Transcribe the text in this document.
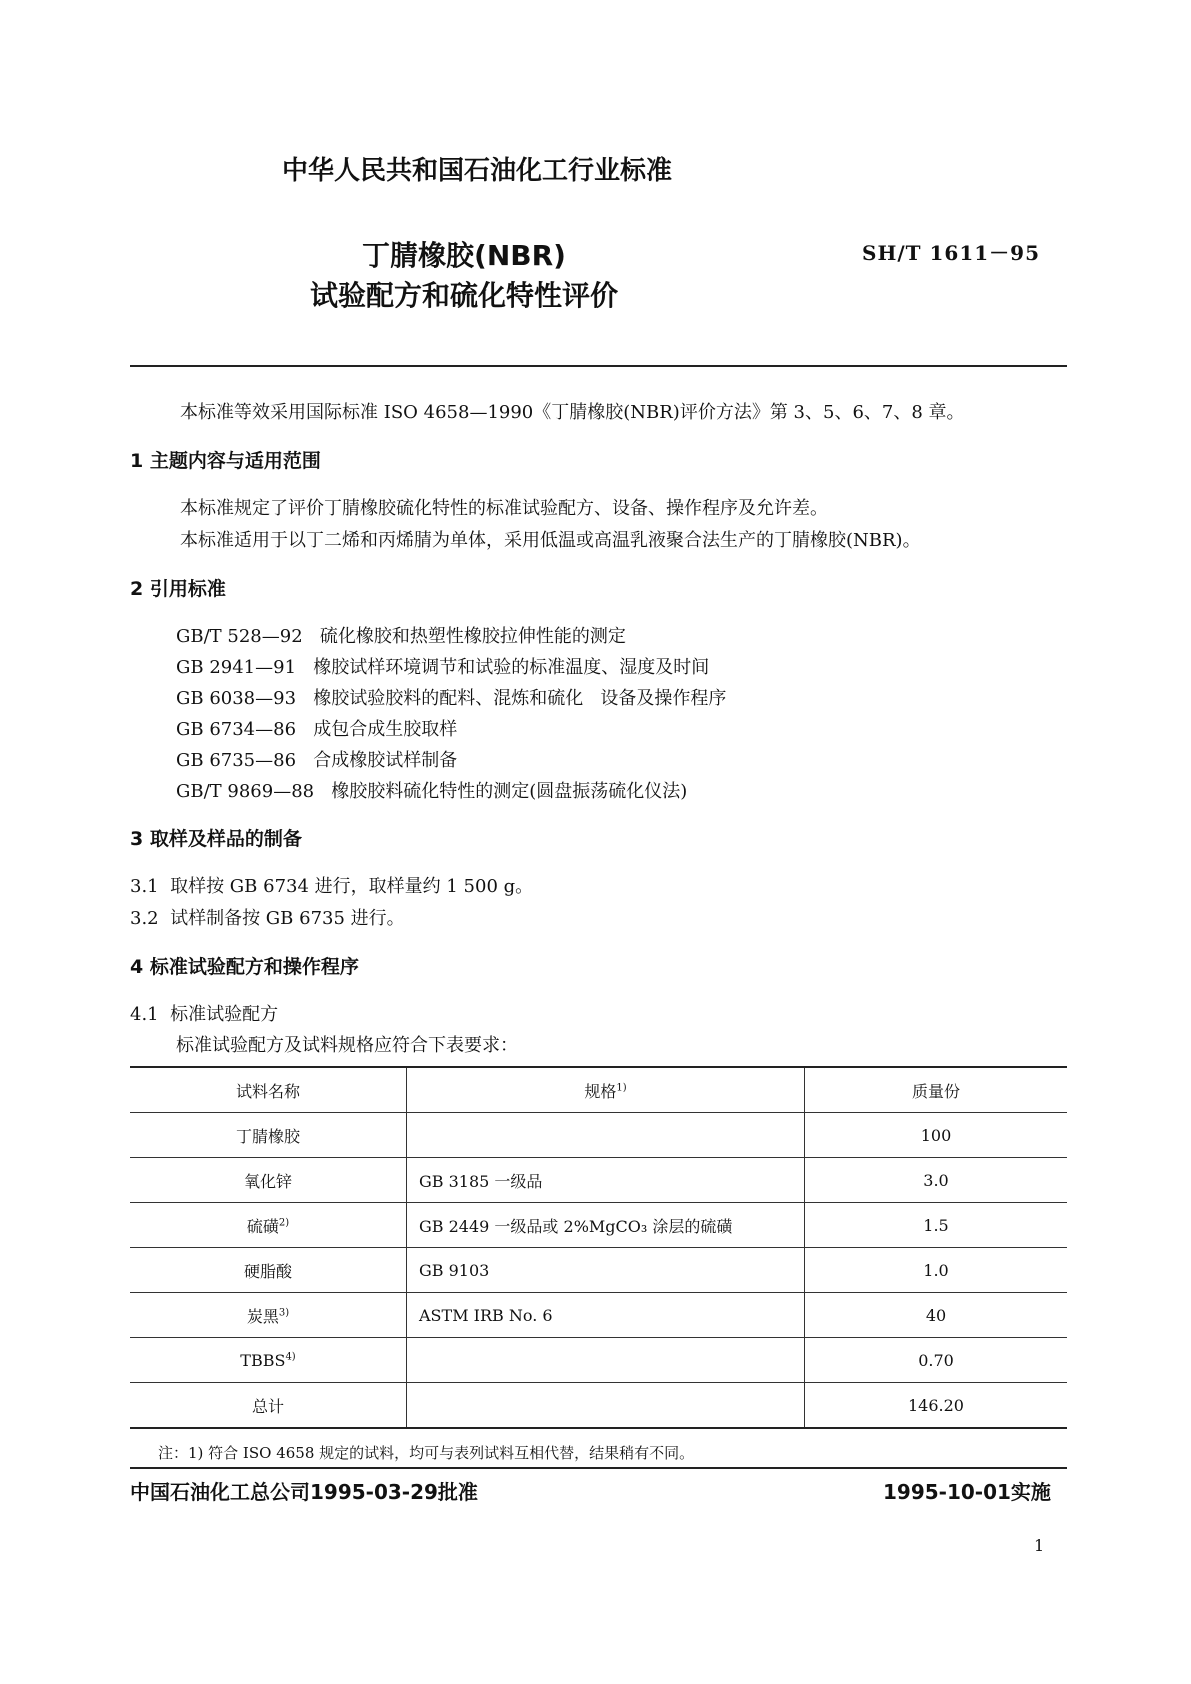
中华人民共和国石油化工行业标准
丁腈橡胶(NBR)
试验配方和硫化特性评价
SH/T 1611－95
本标准等效采用国际标准 ISO 4658—1990《丁腈橡胶(NBR)评价方法》第 3、5、6、7、8 章。
1 主题内容与适用范围
本标准规定了评价丁腈橡胶硫化特性的标准试验配方、设备、操作程序及允许差。
本标准适用于以丁二烯和丙烯腈为单体，采用低温或高温乳液聚合法生产的丁腈橡胶(NBR)。
2 引用标准
GB/T 528—92   硫化橡胶和热塑性橡胶拉伸性能的测定
GB 2941—91   橡胶试样环境调节和试验的标准温度、湿度及时间
GB 6038—93   橡胶试验胶料的配料、混炼和硫化   设备及操作程序
GB 6734—86   成包合成生胶取样
GB 6735—86   合成橡胶试样制备
GB/T 9869—88   橡胶胶料硫化特性的测定(圆盘振荡硫化仪法)
3 取样及样品的制备
3.1  取样按 GB 6734 进行，取样量约 1 500 g。
3.2  试样制备按 GB 6735 进行。
4 标准试验配方和操作程序
4.1  标准试验配方
标准试验配方及试料规格应符合下表要求：
试料名称	规格$^{1)}$	质量份
丁腈橡胶		100
氧化锌	GB 3185 一级品	3.0
硫磺$^{2)}$	GB 2449 一级品或 2%MgCO₃ 涂层的硫磺	1.5
硬脂酸	GB 9103	1.0
炭黑$^{3)}$	ASTM IRB No. 6	40
TBBS$^{4)}$		0.70
总计		146.20
注：1) 符合 ISO 4658 规定的试料，均可与表列试料互相代替，结果稍有不同。
中国石油化工总公司1995-03-29批准	1995-10-01实施
1
